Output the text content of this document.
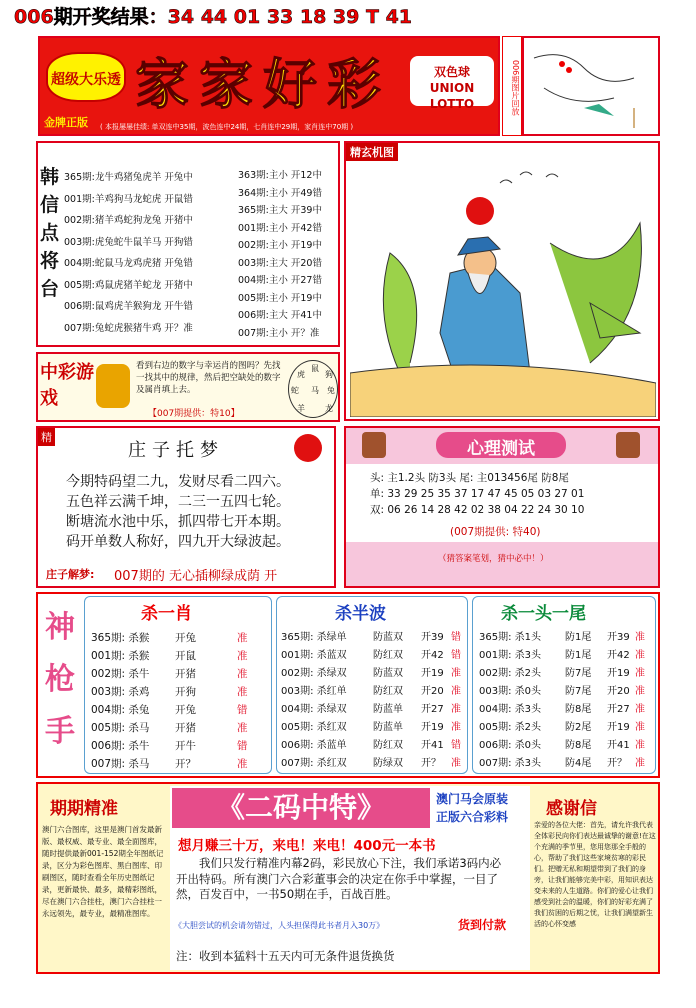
006期开奖结果：34 44 01 33 18 39 T 41
超级大乐透
金牌正版
家家好彩	双色球 UNION LOTTO
( 本报屡屡佳绩: 单双连中35期，波色连中24期，七肖连中29期，家肖连中70期 )
006期图片回放
韩信点将台
365期:龙牛鸡猪兔虎羊 开兔中
001期:羊鸡狗马龙蛇虎 开鼠错
002期:猪羊鸡蛇狗龙兔 开猪中
003期:虎兔蛇牛鼠羊马 开狗错
004期:蛇鼠马龙鸡虎猪 开兔错
005期:鸡鼠虎猪羊蛇龙 开猪中
006期:鼠鸡虎羊猴狗龙 开牛错
007期:兔蛇虎猴猪牛鸡 开？准
363期:主小 开12中
364期:主小 开49错
365期:主大 开39中
001期:主小 开42错
002期:主小 开19中
003期:主大 开20错
004期:主小 开27错
005期:主小 开19中
006期:主大 开41中
007期:主小 开？准
精玄机图
中彩游戏
看到右边的数字与幸运肖的图吗？先找一找其中的规律，然后把空缺处的数字及属肖填上去。
【007期提供：特10】
虎
鼠
狗
蛇 马 兔
羊	龙
精
庄子托梦
今期特码望二九，发财尽看二四六。
五色祥云满千坤，二三一五四七轮。
断塘流水池中乐，抓四带七开本期。
码开单数人称好，四九开大绿波起。
庄子解梦: 007期的 无心插柳绿成荫 开
心理测试
头: 主1.2头 防3头 尾: 主013456尾 防8尾
单: 33 29 25 35 37 17 47 45 05 03 27 01
双: 06 26 14 28 42 02 38 04 22 24 30 10
(007期提供: 特40)
（猜答案笔划，猜中必中！）
神枪手
杀一肖
365期: 杀猴 开兔	准
001期: 杀猴 开鼠	准
002期: 杀牛 开猪	准
003期: 杀鸡 开狗	准
004期: 杀兔 开兔	错
005期: 杀马 开猪	准
006期: 杀牛 开牛	错
007期: 杀马 开？	准
杀半波
365期: 杀绿单	防蓝双 开39 错
001期: 杀蓝双	防红双 开42 错
002期: 杀绿双	防蓝双 开19 准
003期: 杀红单	防红双 开20 准
004期: 杀绿双	防蓝单 开27 准
005期: 杀红双	防蓝单 开19 准
006期: 杀蓝单	防红双 开41 错
007期: 杀红双	防绿双 开？ 准
杀一头一尾
365期: 杀1头 防1尾 开39 准
001期: 杀3头 防1尾 开42 准
002期: 杀2头 防7尾 开19 准
003期: 杀0头 防7尾 开20 准
004期: 杀3头 防8尾 开27 准
005期: 杀2头 防2尾 开19 准
006期: 杀0头 防8尾 开41 准
007期: 杀3头 防4尾 开？ 准
期期精准
澳门六合图库，这里是澳门首发最新版、最权威、最专业、最全面图库，随时提供最新001-152期全年图纸记录，区分为彩色图库、黑白图库、印刷图区，随时查看全年历史图纸记录，更新最快、最多，最精彩图纸，尽在澳门六合挂柱，澳门六合挂柱一永远领先，最专业，最精准图库。
《二码中特》	澳门马会原装
正版六合彩料
想月赚三十万，来电！来电！400元一本书
我们只发行精准内幕2码，彩民放心下注，我们承诺3码内必开出特码。所有澳门六合彩董事会的决定在你手中掌握，一目了然，百发百中，一书50期在手，百战百胜。
《大胆尝试的机会请勿错过，人头担保得此书者月入30万》	货到付款
注：收到本猛料十五天内可无条件退货换货
感谢信
亲爱的各位大佬：首先，请允许我代表全体彩民向你们表达最诚挚的谢意!在这个充满的季节里，您用您那全手般的心，帮助了我们这些家境贫寒的彩民们。把赠无私和期望带到了我们的身旁，让我们能够完美中彩，用知识表达变未来的人生道路。你们的爱心让我们感受到社会的温暖，你们的好彩充满了我们贫困的后期之忧，让我们满望新生活的心怀变感
